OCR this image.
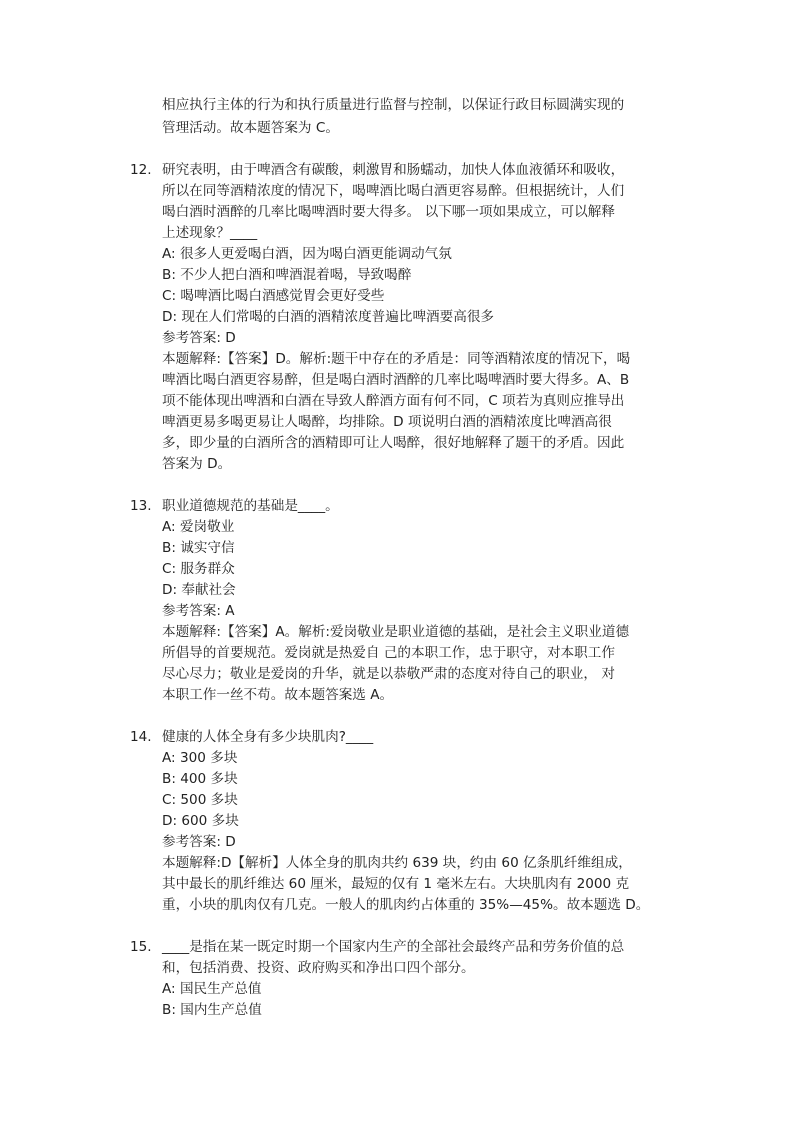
相应执行主体的行为和执行质量进行监督与控制，以保证行政目标圆满实现的
管理活动。故本题答案为 C。
12. 研究表明，由于啤酒含有碳酸，刺激胃和肠蠕动，加快人体血液循环和吸收，
所以在同等酒精浓度的情况下，喝啤酒比喝白酒更容易醉。但根据统计，人们
喝白酒时酒醉的几率比喝啤酒时要大得多。 以下哪一项如果成立，可以解释
上述现象？____
A: 很多人更爱喝白酒，因为喝白酒更能调动气氛
B: 不少人把白酒和啤酒混着喝，导致喝醉
C: 喝啤酒比喝白酒感觉胃会更好受些
D: 现在人们常喝的白酒的酒精浓度普遍比啤酒要高很多
参考答案: D
本题解释:【答案】D。解析:题干中存在的矛盾是：同等酒精浓度的情况下，喝
啤酒比喝白酒更容易醉，但是喝白酒时酒醉的几率比喝啤酒时要大得多。A、B
项不能体现出啤酒和白酒在导致人醉酒方面有何不同，C 项若为真则应推导出
啤酒更易多喝更易让人喝醉，均排除。D 项说明白酒的酒精浓度比啤酒高很
多，即少量的白酒所含的酒精即可让人喝醉，很好地解释了题干的矛盾。因此
答案为 D。
13. 职业道德规范的基础是____。
A: 爱岗敬业
B: 诚实守信
C: 服务群众
D: 奉献社会
参考答案: A
本题解释:【答案】A。解析:爱岗敬业是职业道德的基础，是社会主义职业道德
所倡导的首要规范。爱岗就是热爱自 己的本职工作，忠于职守，对本职工作
尽心尽力；敬业是爱岗的升华，就是以恭敬严肃的态度对待自己的职业， 对
本职工作一丝不苟。故本题答案选 A。
14. 健康的人体全身有多少块肌肉?____
A: 300 多块
B: 400 多块
C: 500 多块
D: 600 多块
参考答案: D
本题解释:D【解析】人体全身的肌肉共约 639 块，约由 60 亿条肌纤维组成，
其中最长的肌纤维达 60 厘米，最短的仅有 1 毫米左右。大块肌肉有 2000 克
重，小块的肌肉仅有几克。一般人的肌肉约占体重的 35%—45%。故本题选 D。
15. ____是指在某一既定时期一个国家内生产的全部社会最终产品和劳务价值的总
和，包括消费、投资、政府购买和净出口四个部分。
A: 国民生产总值
B: 国内生产总值
